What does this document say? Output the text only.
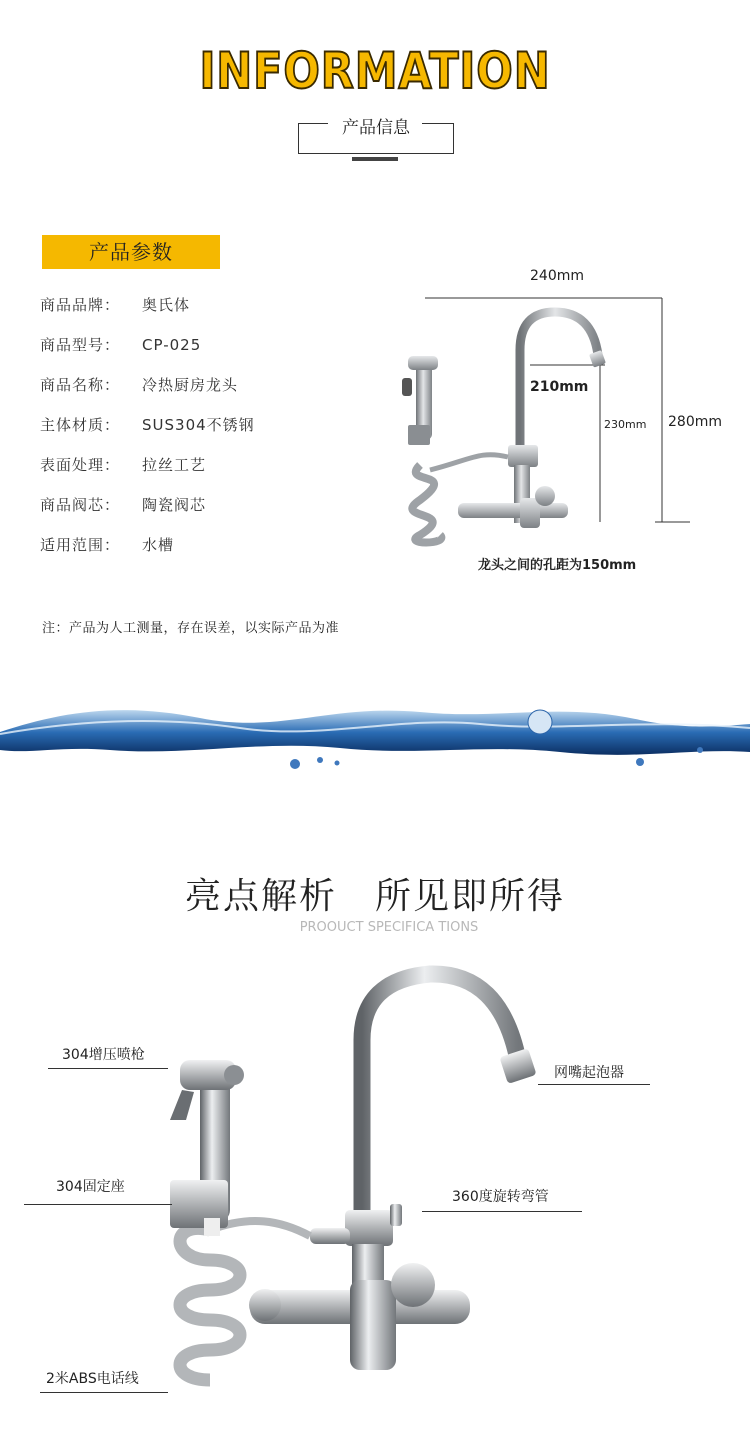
INFORMATION
产品信息
产品参数
商品品牌： 奥氏体
商品型号： CP-025
商品名称： 冷热厨房龙头
主体材质： SUS304不锈钢
表面处理： 拉丝工艺
商品阀芯： 陶瓷阀芯
适用范围： 水槽
注：产品为人工测量，存在误差，以实际产品为准
240mm
210mm
230mm 280mm
龙头之间的孔距为150mm
亮点解析　所见即所得
PROOUCT SPECIFICA TIONS
304增压喷枪
304固定座
2米ABS电话线
网嘴起泡器
360度旋转弯管
